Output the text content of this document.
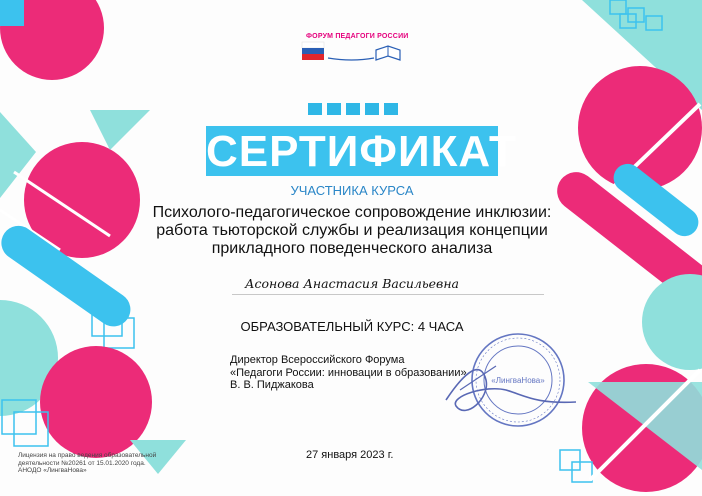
ФОРУМ ПЕДАГОГИ РОССИИ
СЕРТИФИКАТ
УЧАСТНИКА КУРСА
Психолого-педагогическое сопровождение инклюзии:
работа тьюторской службы и реализация концепции
прикладного поведенческого анализа
Асонова Анастасия Васильевна
ОБРАЗОВАТЕЛЬНЫЙ КУРС: 4 ЧАСА
Директор Всероссийского Форума
«Педагоги России: инновации в образовании»
В. В. Пиджакова	«ЛингваНова»
27 января 2023 г.
Лицензия на право ведения образовательной
деятельности №20261 от 15.01.2020 года.
АНОДО «ЛингваНова»
